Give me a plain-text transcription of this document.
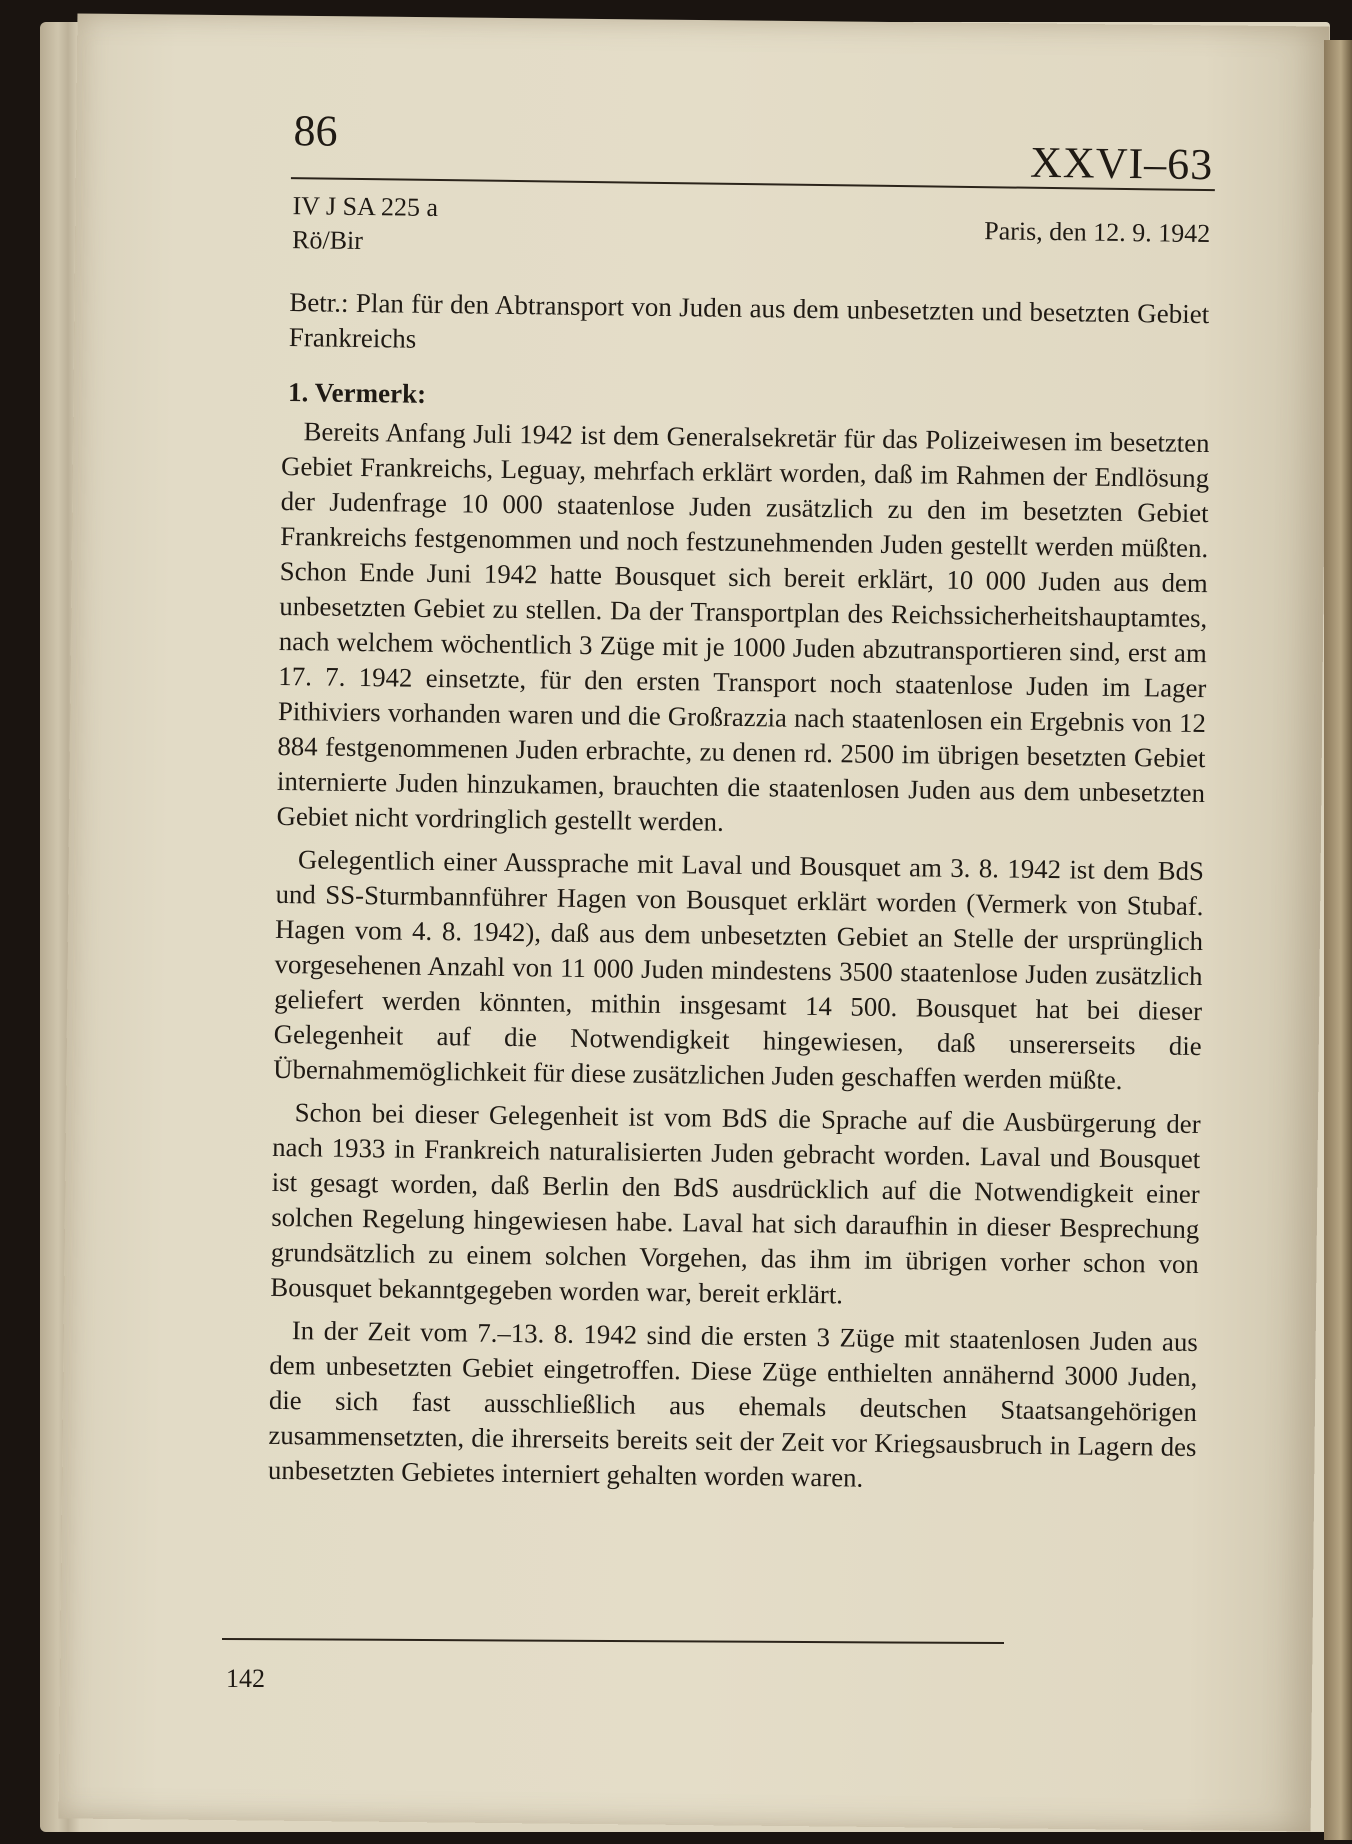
86
XXVI–63
IV J SA 225 a
Rö/Bir	Paris, den 12. 9. 1942
Betr.: Plan für den Abtransport von Juden aus dem unbesetzten und besetzten Gebiet Frankreichs
1. Vermerk:

Bereits Anfang Juli 1942 ist dem Generalsekretär für das Polizeiwesen im besetzten Gebiet Frankreichs, Leguay, mehrfach erklärt worden, daß im Rahmen der Endlösung der Judenfrage 10 000 staatenlose Juden zusätzlich zu den im besetzten Gebiet Frankreichs festgenommen und noch festzunehmenden Juden gestellt werden müßten. Schon Ende Juni 1942 hatte Bousquet sich bereit erklärt, 10 000 Juden aus dem unbesetzten Gebiet zu stellen. Da der Transportplan des Reichssicherheitshauptamtes, nach welchem wöchentlich 3 Züge mit je 1000 Juden abzutransportieren sind, erst am 17. 7. 1942 einsetzte, für den ersten Transport noch staatenlose Juden im Lager Pithiviers vorhanden waren und die Großrazzia nach staatenlosen ein Ergebnis von 12 884 festgenommenen Juden erbrachte, zu denen rd. 2500 im übrigen besetzten Gebiet internierte Juden hinzukamen, brauchten die staatenlosen Juden aus dem unbesetzten Gebiet nicht vordringlich gestellt werden.

Gelegentlich einer Aussprache mit Laval und Bousquet am 3. 8. 1942 ist dem BdS und SS-Sturmbannführer Hagen von Bousquet erklärt worden (Vermerk von Stubaf. Hagen vom 4. 8. 1942), daß aus dem unbesetzten Gebiet an Stelle der ursprünglich vorgesehenen Anzahl von 11 000 Juden mindestens 3500 staatenlose Juden zusätzlich geliefert werden könnten, mithin insgesamt 14 500. Bousquet hat bei dieser Gelegenheit auf die Notwendigkeit hingewiesen, daß unsererseits die Übernahmemöglichkeit für diese zusätzlichen Juden geschaffen werden müßte.

Schon bei dieser Gelegenheit ist vom BdS die Sprache auf die Ausbürgerung der nach 1933 in Frankreich naturalisierten Juden gebracht worden. Laval und Bousquet ist gesagt worden, daß Berlin den BdS ausdrücklich auf die Notwendigkeit einer solchen Regelung hingewiesen habe. Laval hat sich daraufhin in dieser Besprechung grundsätzlich zu einem solchen Vorgehen, das ihm im übrigen vorher schon von Bousquet bekanntgegeben worden war, bereit erklärt.

In der Zeit vom 7.–13. 8. 1942 sind die ersten 3 Züge mit staatenlosen Juden aus dem unbesetzten Gebiet eingetroffen. Diese Züge enthielten annähernd 3000 Juden, die sich fast ausschließlich aus ehemals deutschen Staatsangehörigen zusammensetzten, die ihrerseits bereits seit der Zeit vor Kriegsausbruch in Lagern des unbesetzten Gebietes interniert gehalten worden waren.

142
